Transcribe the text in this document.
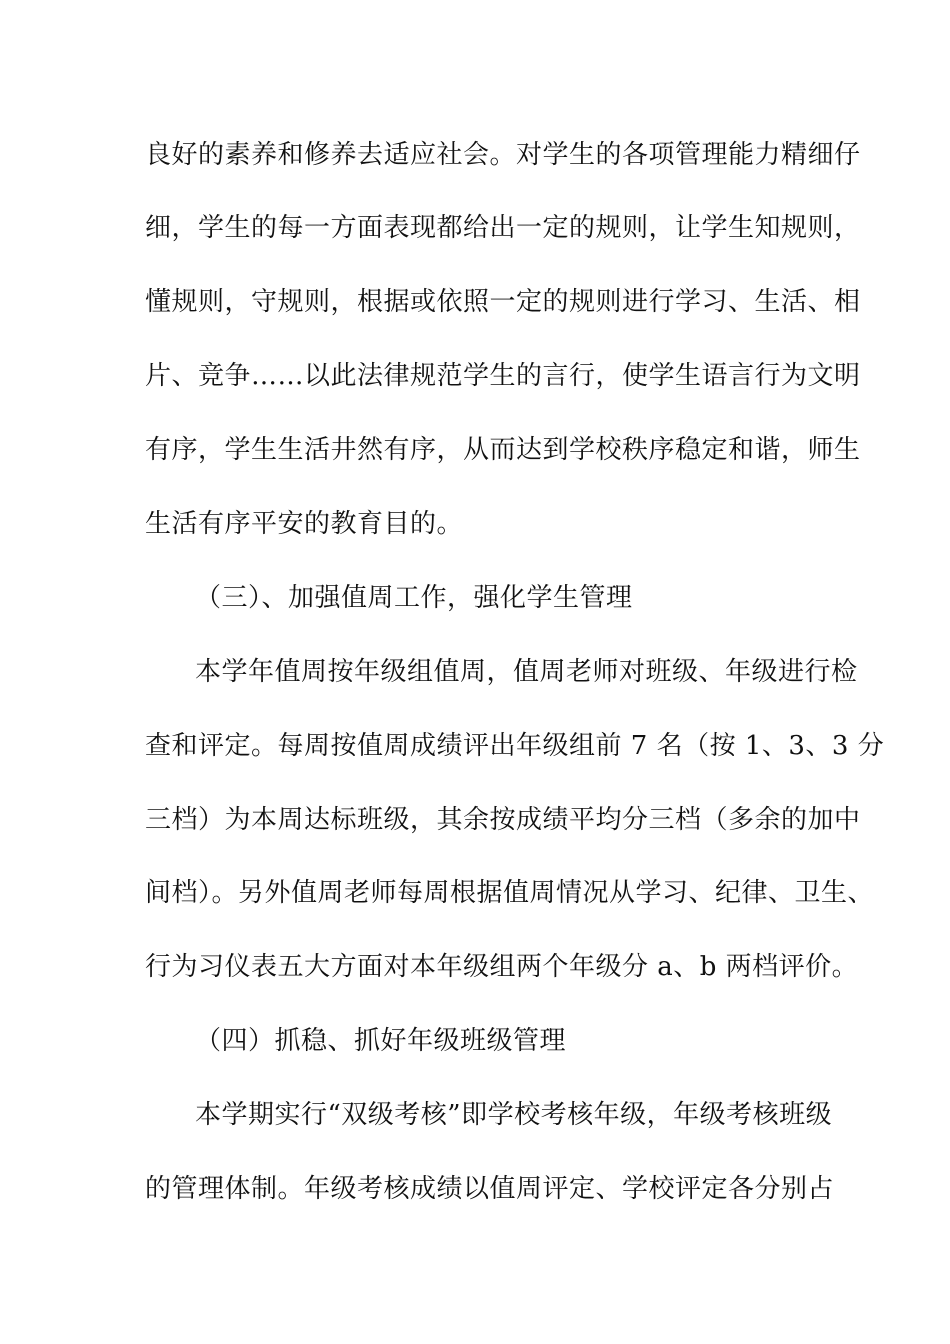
良好的素养和修养去适应社会。对学生的各项管理能力精细仔
细，学生的每一方面表现都给出一定的规则，让学生知规则，
懂规则，守规则，根据或依照一定的规则进行学习、生活、相
片、竞争……以此法律规范学生的言行，使学生语言行为文明
有序，学生生活井然有序，从而达到学校秩序稳定和谐，师生
生活有序平安的教育目的。
（三）、加强值周工作，强化学生管理
本学年值周按年级组值周，值周老师对班级、年级进行检
查和评定。每周按值周成绩评出年级组前 7 名（按 1、3、3 分
三档）为本周达标班级，其余按成绩平均分三档（多余的加中
间档）。另外值周老师每周根据值周情况从学习、纪律、卫生、
行为习仪表五大方面对本年级组两个年级分 a、b 两档评价。
（四）抓稳、抓好年级班级管理
本学期实行“双级考核”即学校考核年级，年级考核班级
的管理体制。年级考核成绩以值周评定、学校评定各分别占
